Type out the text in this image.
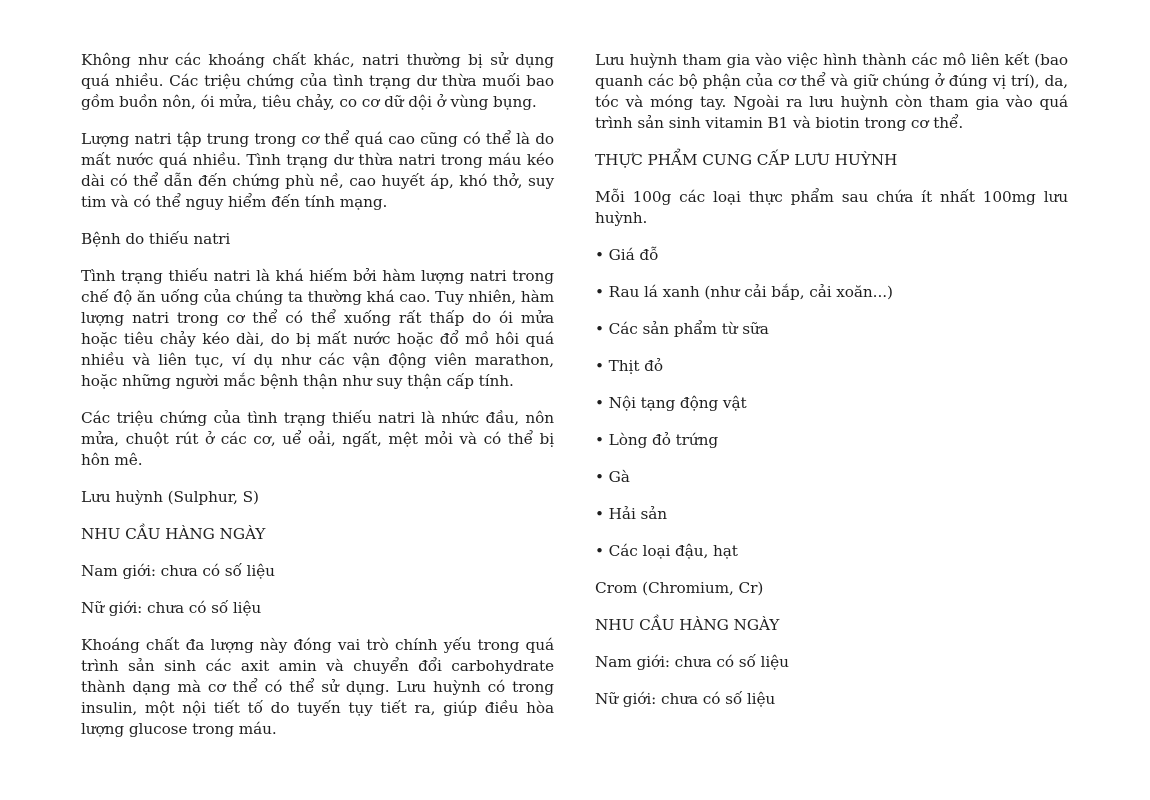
Không như các khoáng chất khác, natri thường bị sử dụng quá nhiều. Các triệu chứng của tình trạng dư thừa muối bao gồm buồn nôn, ói mửa, tiêu chảy, co cơ dữ dội ở vùng bụng.

Lượng natri tập trung trong cơ thể quá cao cũng có thể là do mất nước quá nhiều. Tình trạng dư thừa natri trong máu kéo dài có thể dẫn đến chứng phù nề, cao huyết áp, khó thở, suy tim và có thể nguy hiểm đến tính mạng.

Bệnh do thiếu natri

Tình trạng thiếu natri là khá hiếm bởi hàm lượng natri trong chế độ ăn uống của chúng ta thường khá cao. Tuy nhiên, hàm lượng natri trong cơ thể có thể xuống rất thấp do ói mửa hoặc tiêu chảy kéo dài, do bị mất nước hoặc đổ mồ hôi quá nhiều và liên tục, ví dụ như các vận động viên marathon, hoặc những người mắc bệnh thận như suy thận cấp tính.

Các triệu chứng của tình trạng thiếu natri là nhức đầu, nôn mửa, chuột rút ở các cơ, uể oải, ngất, mệt mỏi và có thể bị hôn mê.

Lưu huỳnh (Sulphur, S)

NHU CẦU HÀNG NGÀY

Nam giới: chưa có số liệu

Nữ giới: chưa có số liệu

Khoáng chất đa lượng này đóng vai trò chính yếu trong quá trình sản sinh các axit amin và chuyển đổi carbohydrate thành dạng mà cơ thể có thể sử dụng. Lưu huỳnh có trong insulin, một nội tiết tố do tuyến tụy tiết ra, giúp điều hòa lượng glucose trong máu.

Lưu huỳnh tham gia vào việc hình thành các mô liên kết (bao quanh các bộ phận của cơ thể và giữ chúng ở đúng vị trí), da, tóc và móng tay. Ngoài ra lưu huỳnh còn tham gia vào quá trình sản sinh vitamin B1 và biotin trong cơ thể.

THỰC PHẨM CUNG CẤP LƯU HUỲNH

Mỗi 100g các loại thực phẩm sau chứa ít nhất 100mg lưu huỳnh.

• Giá đỗ

• Rau lá xanh (như cải bắp, cải xoăn...)

• Các sản phẩm từ sữa

• Thịt đỏ

• Nội tạng động vật

• Lòng đỏ trứng

• Gà

• Hải sản

• Các loại đậu, hạt

Crom (Chromium, Cr)

NHU CẦU HÀNG NGÀY

Nam giới: chưa có số liệu

Nữ giới: chưa có số liệu
